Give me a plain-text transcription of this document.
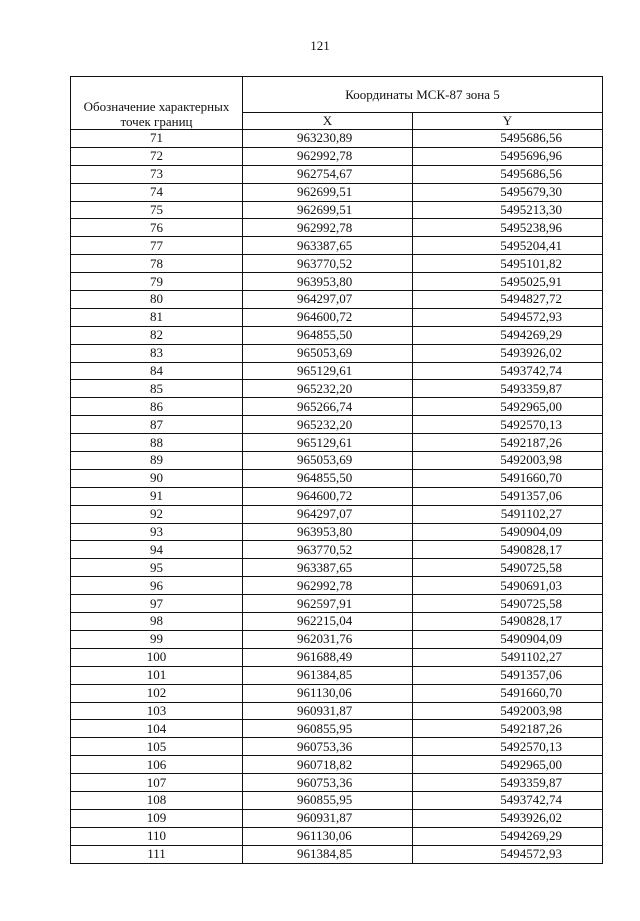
121
Обозначение характерных точек границ	Координаты МСК-87 зона 5	
	X	Y
71	963230,89	5495686,56
72	962992,78	5495696,96
73	962754,67	5495686,56
74	962699,51	5495679,30
75	962699,51	5495213,30
76	962992,78	5495238,96
77	963387,65	5495204,41
78	963770,52	5495101,82
79	963953,80	5495025,91
80	964297,07	5494827,72
81	964600,72	5494572,93
82	964855,50	5494269,29
83	965053,69	5493926,02
84	965129,61	5493742,74
85	965232,20	5493359,87
86	965266,74	5492965,00
87	965232,20	5492570,13
88	965129,61	5492187,26
89	965053,69	5492003,98
90	964855,50	5491660,70
91	964600,72	5491357,06
92	964297,07	5491102,27
93	963953,80	5490904,09
94	963770,52	5490828,17
95	963387,65	5490725,58
96	962992,78	5490691,03
97	962597,91	5490725,58
98	962215,04	5490828,17
99	962031,76	5490904,09
100	961688,49	5491102,27
101	961384,85	5491357,06
102	961130,06	5491660,70
103	960931,87	5492003,98
104	960855,95	5492187,26
105	960753,36	5492570,13
106	960718,82	5492965,00
107	960753,36	5493359,87
108	960855,95	5493742,74
109	960931,87	5493926,02
110	961130,06	5494269,29
111	961384,85	5494572,93
